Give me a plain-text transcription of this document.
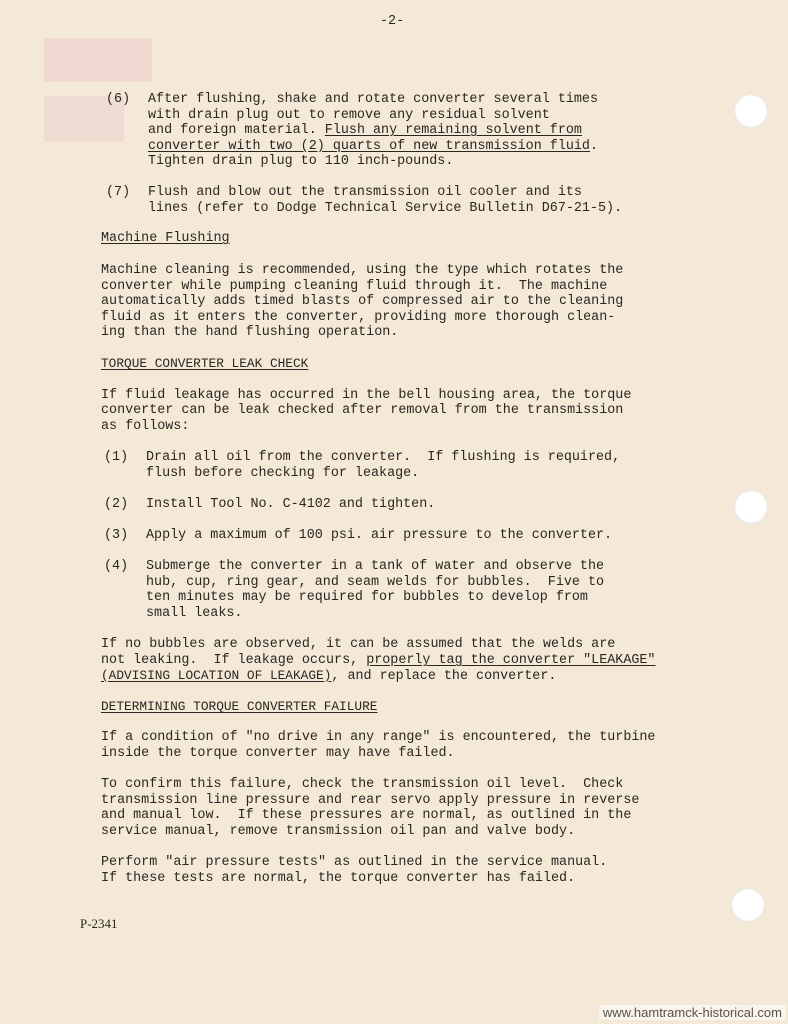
-2-
(6) After flushing, shake and rotate converter several times
with drain plug out to remove any residual solvent
and foreign material. Flush any remaining solvent from
converter with two (2) quarts of new transmission fluid.
Tighten drain plug to 110 inch-pounds.
(7) Flush and blow out the transmission oil cooler and its
lines (refer to Dodge Technical Service Bulletin D67-21-5).
Machine Flushing
Machine cleaning is recommended, using the type which rotates the
converter while pumping cleaning fluid through it.  The machine
automatically adds timed blasts of compressed air to the cleaning
fluid as it enters the converter, providing more thorough clean-
ing than the hand flushing operation.
TORQUE CONVERTER LEAK CHECK
If fluid leakage has occurred in the bell housing area, the torque
converter can be leak checked after removal from the transmission
as follows:
(1) Drain all oil from the converter.  If flushing is required,
flush before checking for leakage.
(2) Install Tool No. C-4102 and tighten.
(3) Apply a maximum of 100 psi. air pressure to the converter.
(4) Submerge the converter in a tank of water and observe the
hub, cup, ring gear, and seam welds for bubbles.  Five to
ten minutes may be required for bubbles to develop from
small leaks.
If no bubbles are observed, it can be assumed that the welds are
not leaking.  If leakage occurs, properly tag the converter "LEAKAGE"
(ADVISING LOCATION OF LEAKAGE), and replace the converter.
DETERMINING TORQUE CONVERTER FAILURE
If a condition of "no drive in any range" is encountered, the turbine
inside the torque converter may have failed.
To confirm this failure, check the transmission oil level.  Check
transmission line pressure and rear servo apply pressure in reverse
and manual low.  If these pressures are normal, as outlined in the
service manual, remove transmission oil pan and valve body.
Perform "air pressure tests" as outlined in the service manual.
If these tests are normal, the torque converter has failed.
P-2341
www.hamtramck-historical.com
